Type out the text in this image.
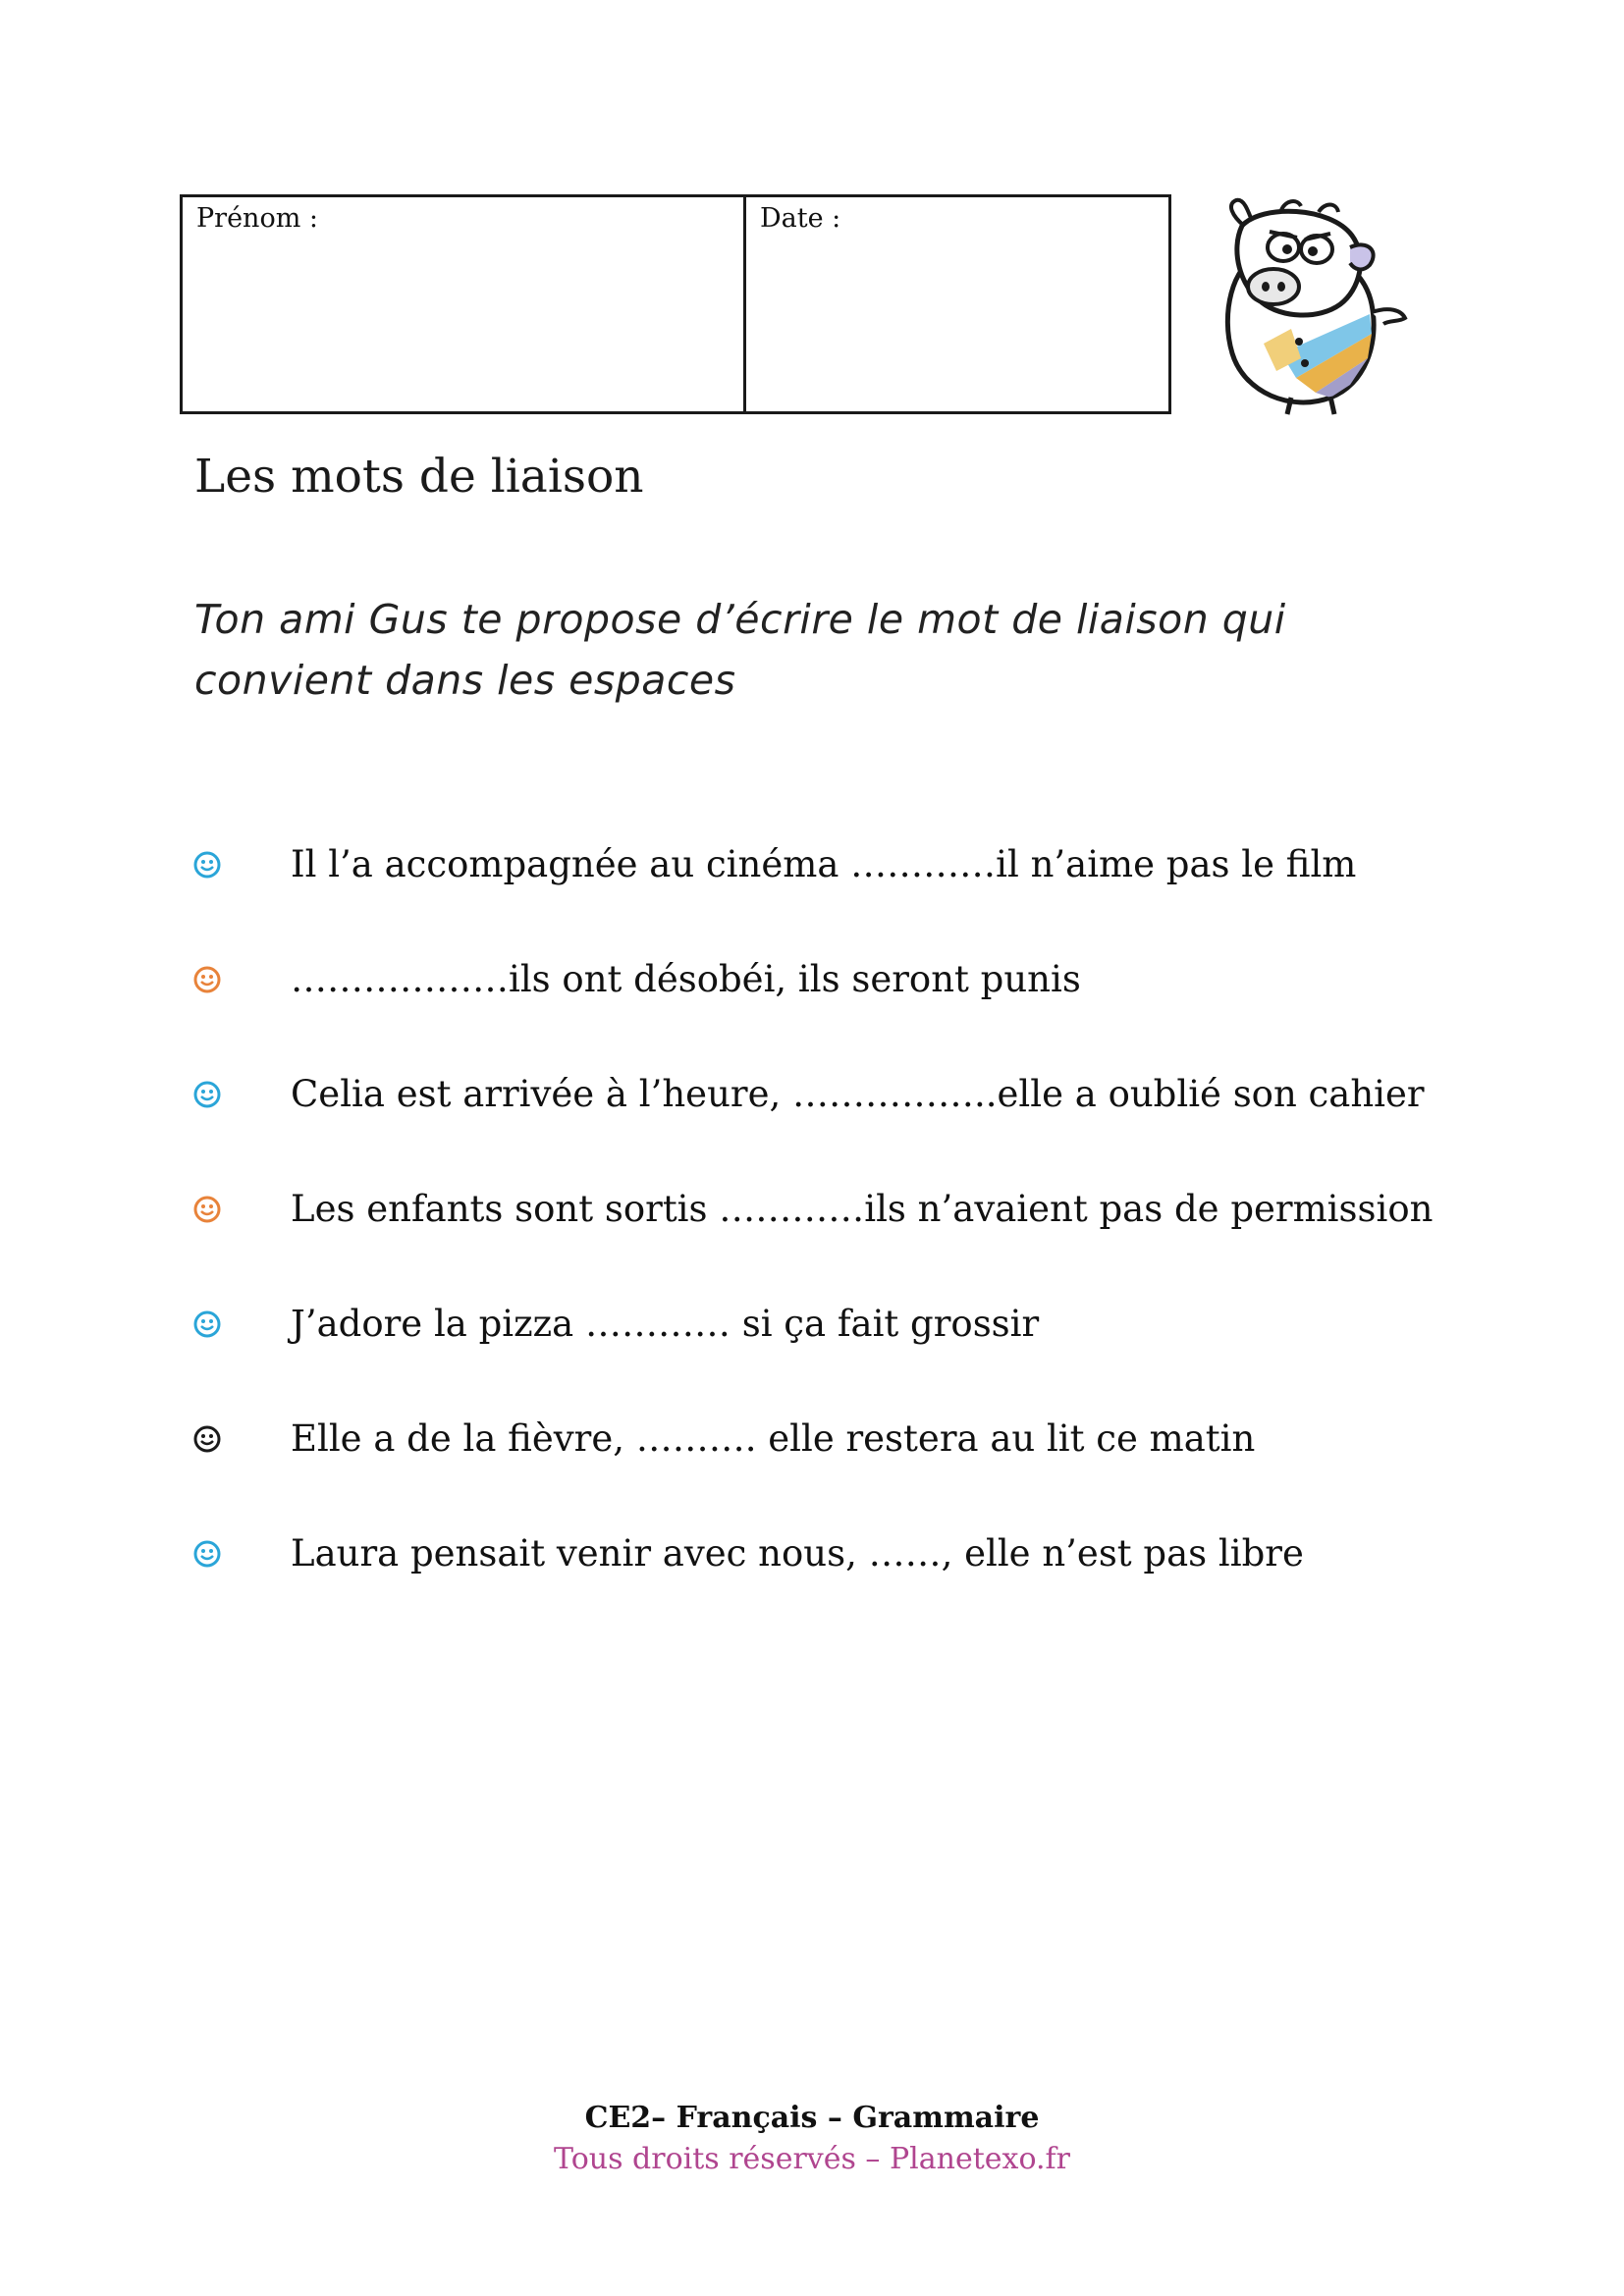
Prénom :	Date :
Les mots de liaison
Ton ami Gus te propose d’écrire le mot de liaison qui convient dans les espaces
Il l’a accompagnée au cinéma …………il n’aime pas le film
………………ils ont désobéi, ils seront punis
Celia est arrivée à l’heure, ……………..elle a oublié son cahier
Les enfants sont sortis …………ils n’avaient pas de permission
J’adore la pizza ………… si ça fait grossir
Elle a de la fièvre, ………. elle restera au lit ce matin
Laura pensait venir avec nous, ……, elle n’est pas libre
CE2– Français – Grammaire
Tous droits réservés – Planetexo.fr
